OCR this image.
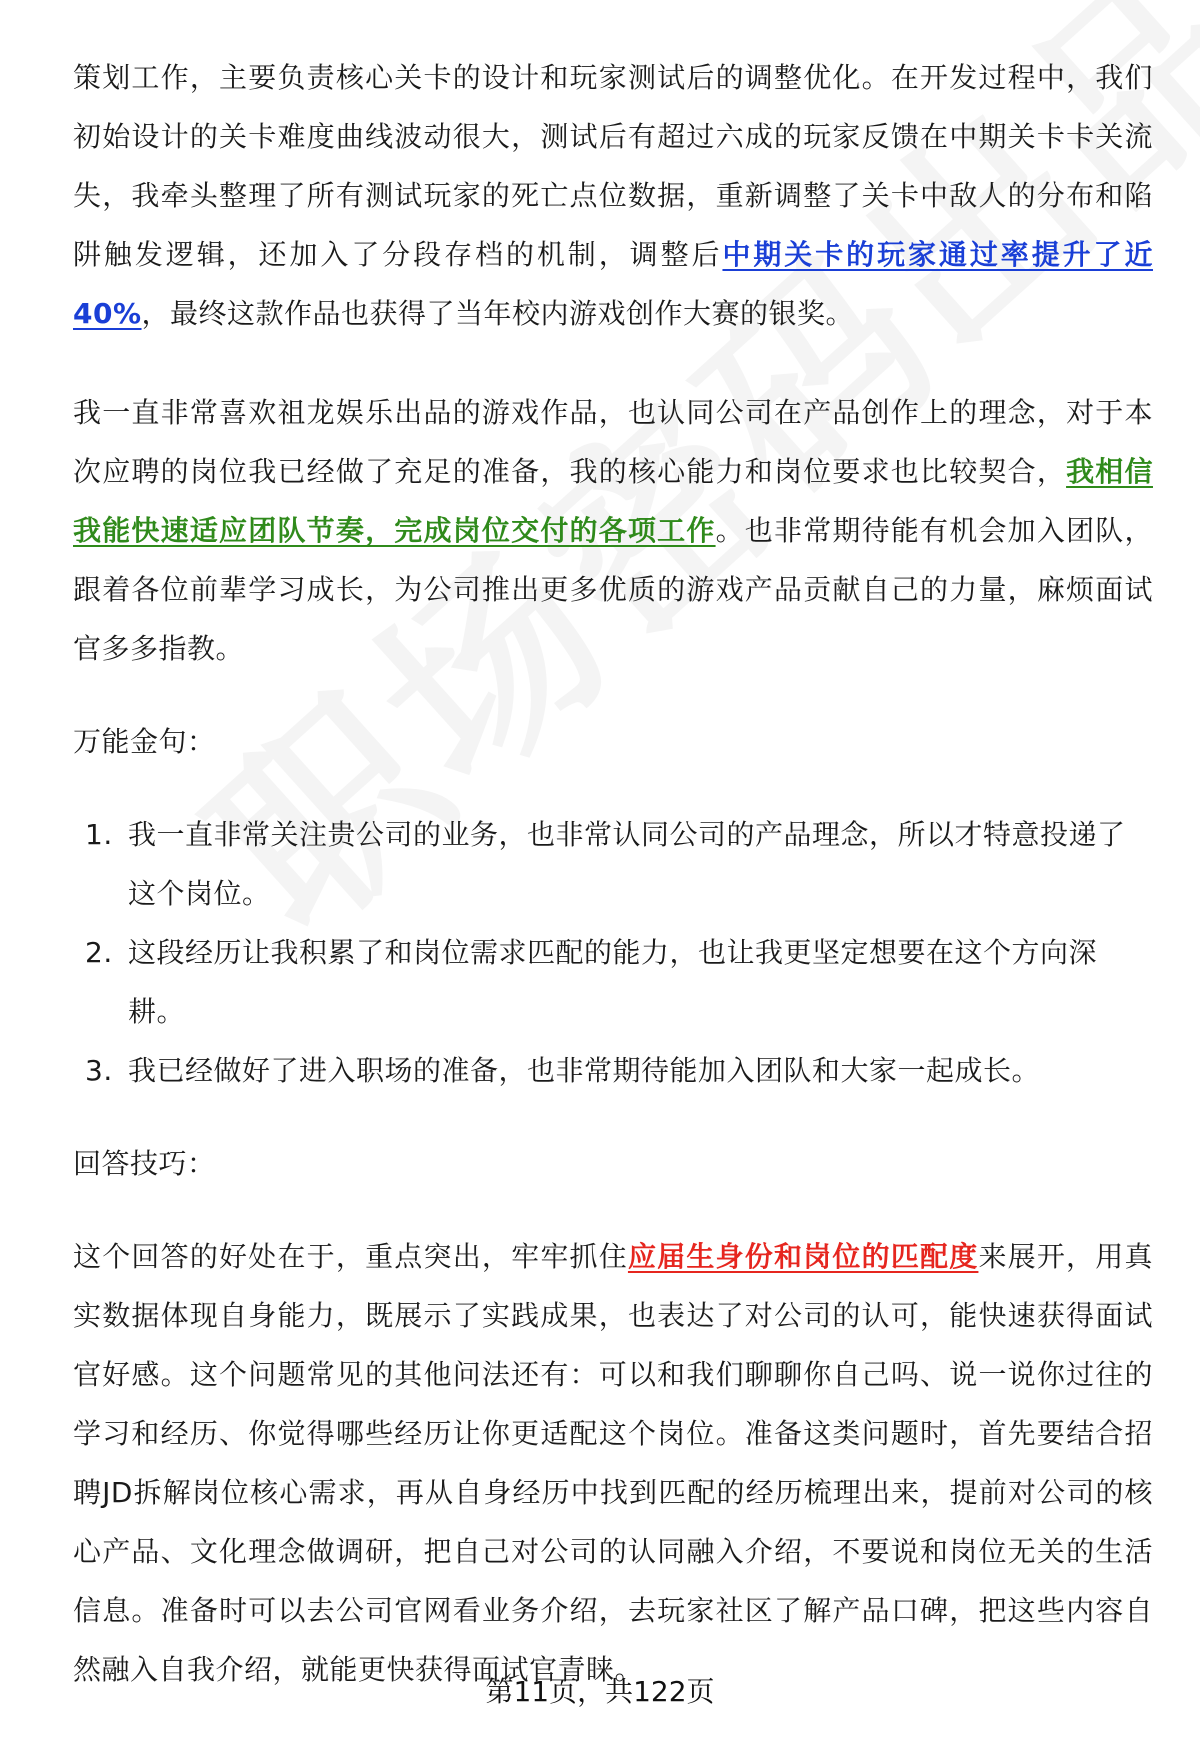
策划工作，主要负责核心关卡的设计和玩家测试后的调整优化。在开发过程中，我们初始设计的关卡难度曲线波动很大，测试后有超过六成的玩家反馈在中期关卡卡关流失，我牵头整理了所有测试玩家的死亡点位数据，重新调整了关卡中敌人的分布和陷阱触发逻辑，还加入了分段存档的机制，调整后中期关卡的玩家通过率提升了近40%，最终这款作品也获得了当年校内游戏创作大赛的银奖。

我一直非常喜欢祖龙娱乐出品的游戏作品，也认同公司在产品创作上的理念，对于本次应聘的岗位我已经做了充足的准备，我的核心能力和岗位要求也比较契合，我相信我能快速适应团队节奏，完成岗位交付的各项工作。也非常期待能有机会加入团队，跟着各位前辈学习成长，为公司推出更多优质的游戏产品贡献自己的力量，麻烦面试官多多指教。

万能金句：

1. 我一直非常关注贵公司的业务，也非常认同公司的产品理念，所以才特意投递了这个岗位。
2. 这段经历让我积累了和岗位需求匹配的能力，也让我更坚定想要在这个方向深耕。
3. 我已经做好了进入职场的准备，也非常期待能加入团队和大家一起成长。

回答技巧：

这个回答的好处在于，重点突出，牢牢抓住应届生身份和岗位的匹配度来展开，用真实数据体现自身能力，既展示了实践成果，也表达了对公司的认可，能快速获得面试官好感。这个问题常见的其他问法还有：可以和我们聊聊你自己吗、说一说你过往的学习和经历、你觉得哪些经历让你更适配这个岗位。准备这类问题时，首先要结合招聘JD拆解岗位核心需求，再从自身经历中找到匹配的经历梳理出来，提前对公司的核心产品、文化理念做调研，把自己对公司的认同融入介绍，不要说和岗位无关的生活信息。准备时可以去公司官网看业务介绍，去玩家社区了解产品口碑，把这些内容自然融入自我介绍，就能更快获得面试官青睐。

第11页，共122页
